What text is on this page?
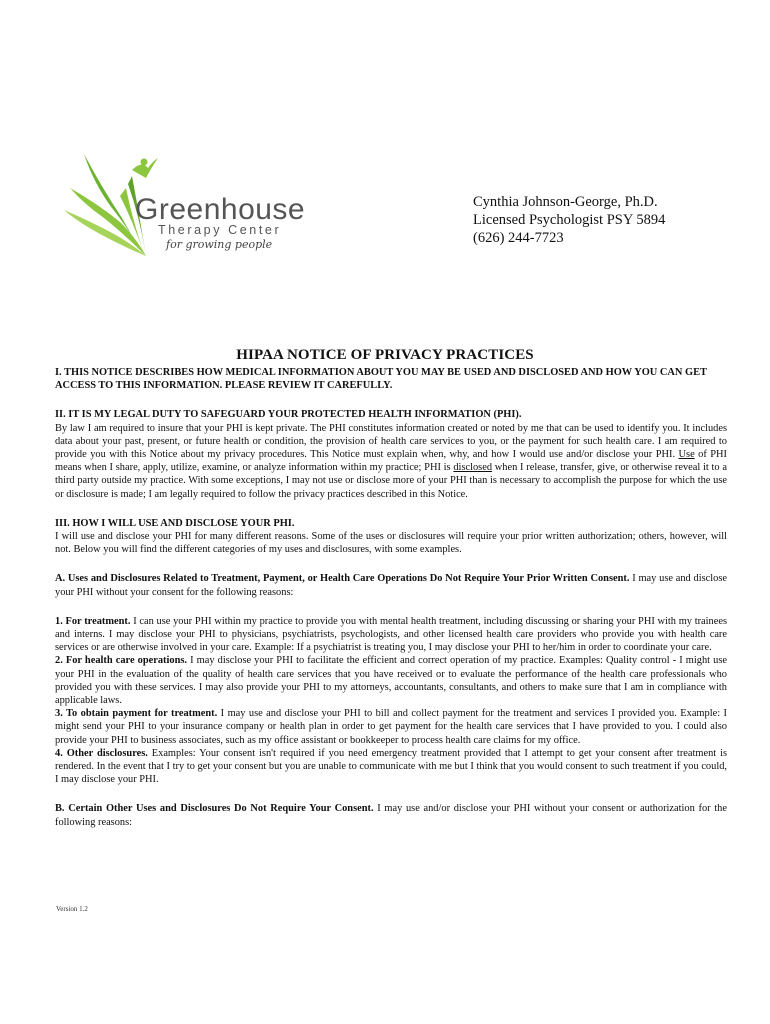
Greenhouse
Therapy Center
for growing people
Cynthia Johnson-George, Ph.D.
Licensed Psychologist PSY 5894
(626) 244-7723
HIPAA NOTICE OF PRIVACY PRACTICES

I. THIS NOTICE DESCRIBES HOW MEDICAL INFORMATION ABOUT YOU MAY BE USED AND DISCLOSED AND HOW YOU CAN GET ACCESS TO THIS INFORMATION. PLEASE REVIEW IT CAREFULLY.

II. IT IS MY LEGAL DUTY TO SAFEGUARD YOUR PROTECTED HEALTH INFORMATION (PHI).

By law I am required to insure that your PHI is kept private. The PHI constitutes information created or noted by me that can be used to identify you. It includes data about your past, present, or future health or condition, the provision of health care services to you, or the payment for such health care. I am required to provide you with this Notice about my privacy procedures. This Notice must explain when, why, and how I would use and/or disclose your PHI. Use of PHI means when I share, apply, utilize, examine, or analyze information within my practice; PHI is disclosed when I release, transfer, give, or otherwise reveal it to a third party outside my practice. With some exceptions, I may not use or disclose more of your PHI than is necessary to accomplish the purpose for which the use or disclosure is made; I am legally required to follow the privacy practices described in this Notice.

III. HOW I WILL USE AND DISCLOSE YOUR PHI.

I will use and disclose your PHI for many different reasons. Some of the uses or disclosures will require your prior written authorization; others, however, will not. Below you will find the different categories of my uses and disclosures, with some examples.

A. Uses and Disclosures Related to Treatment, Payment, or Health Care Operations Do Not Require Your Prior Written Consent. I may use and disclose your PHI without your consent for the following reasons:

1. For treatment. I can use your PHI within my practice to provide you with mental health treatment, including discussing or sharing your PHI with my trainees and interns. I may disclose your PHI to physicians, psychiatrists, psychologists, and other licensed health care providers who provide you with health care services or are otherwise involved in your care. Example: If a psychiatrist is treating you, I may disclose your PHI to her/him in order to coordinate your care.

2. For health care operations. I may disclose your PHI to facilitate the efficient and correct operation of my practice. Examples: Quality control - I might use your PHI in the evaluation of the quality of health care services that you have received or to evaluate the performance of the health care professionals who provided you with these services. I may also provide your PHI to my attorneys, accountants, consultants, and others to make sure that I am in compliance with applicable laws.

3. To obtain payment for treatment. I may use and disclose your PHI to bill and collect payment for the treatment and services I provided you. Example: I might send your PHI to your insurance company or health plan in order to get payment for the health care services that I have provided to you. I could also provide your PHI to business associates, such as my office assistant or bookkeeper to process health care claims for my office.

4. Other disclosures. Examples: Your consent isn't required if you need emergency treatment provided that I attempt to get your consent after treatment is rendered. In the event that I try to get your consent but you are unable to communicate with me but I think that you would consent to such treatment if you could, I may disclose your PHI.

B. Certain Other Uses and Disclosures Do Not Require Your Consent. I may use and/or disclose your PHI without your consent or authorization for the following reasons:

Version 1.2
